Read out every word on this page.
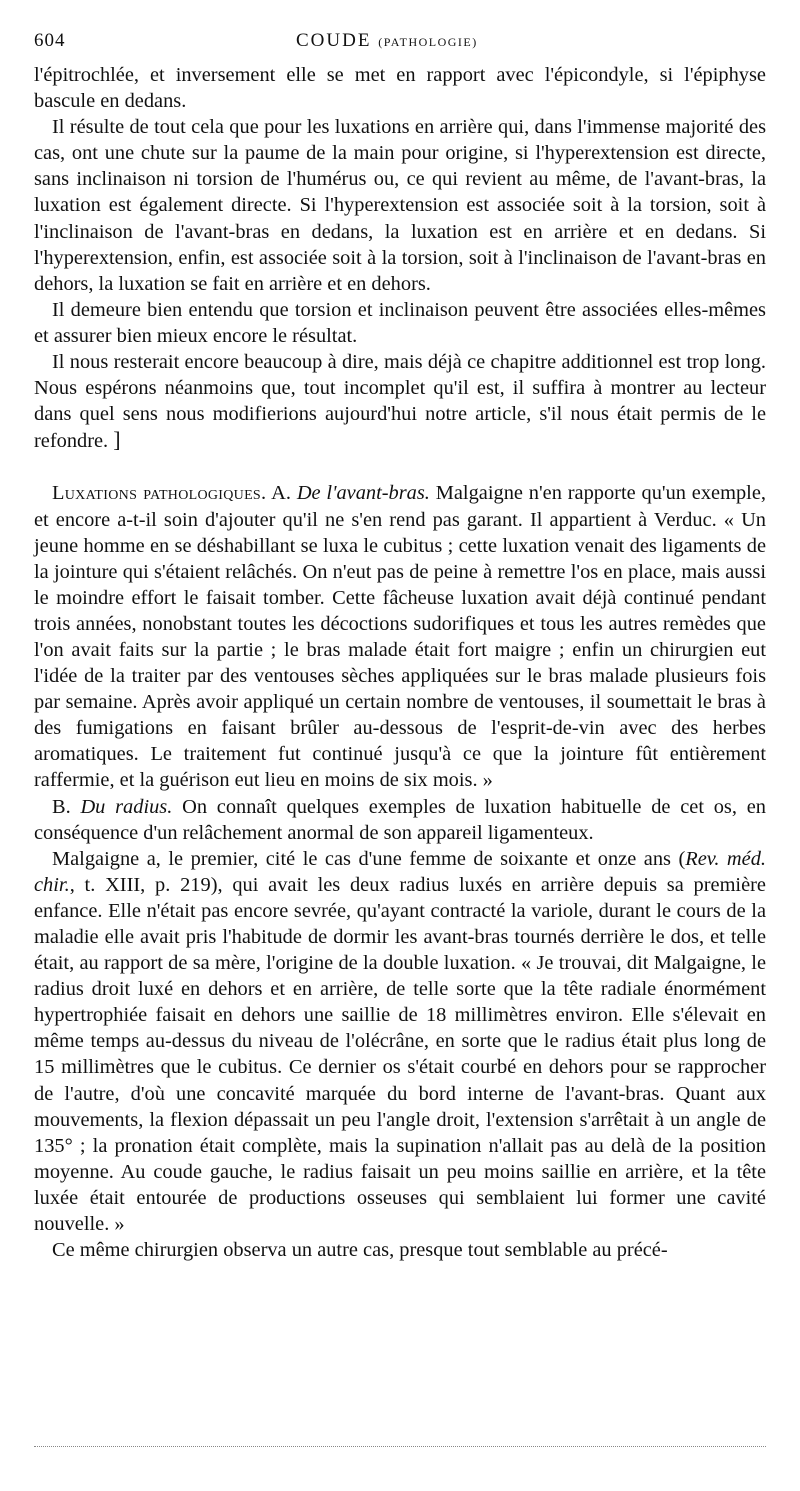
604	COUDE (PATHOLOGIE)

l'épitrochlée, et inversement elle se met en rapport avec l'épicondyle, si l'épiphyse bascule en dedans.

Il résulte de tout cela que pour les luxations en arrière qui, dans l'immense majorité des cas, ont une chute sur la paume de la main pour origine, si l'hyperextension est directe, sans inclinaison ni torsion de l'humérus ou, ce qui revient au même, de l'avant-bras, la luxation est également directe. Si l'hyperextension est associée soit à la torsion, soit à l'inclinaison de l'avant-bras en dedans, la luxation est en arrière et en dedans. Si l'hyperextension, enfin, est associée soit à la torsion, soit à l'inclinaison de l'avant-bras en dehors, la luxation se fait en arrière et en dehors.

Il demeure bien entendu que torsion et inclinaison peuvent être associées elles-mêmes et assurer bien mieux encore le résultat.

Il nous resterait encore beaucoup à dire, mais déjà ce chapitre additionnel est trop long. Nous espérons néanmoins que, tout incomplet qu'il est, il suffira à montrer au lecteur dans quel sens nous modifierions aujourd'hui notre article, s'il nous était permis de le refondre. ]

Luxations pathologiques. A. De l'avant-bras. Malgaigne n'en rapporte qu'un exemple, et encore a-t-il soin d'ajouter qu'il ne s'en rend pas garant. Il appartient à Verduc. « Un jeune homme en se déshabillant se luxa le cubitus ; cette luxation venait des ligaments de la jointure qui s'étaient relâchés. On n'eut pas de peine à remettre l'os en place, mais aussi le moindre effort le faisait tomber. Cette fâcheuse luxation avait déjà continué pendant trois années, nonobstant toutes les décoctions sudorifiques et tous les autres remèdes que l'on avait faits sur la partie ; le bras malade était fort maigre ; enfin un chirurgien eut l'idée de la traiter par des ventouses sèches appliquées sur le bras malade plusieurs fois par semaine. Après avoir appliqué un certain nombre de ventouses, il soumettait le bras à des fumigations en faisant brûler au-dessous de l'esprit-de-vin avec des herbes aromatiques. Le traitement fut continué jusqu'à ce que la jointure fût entièrement raffermie, et la guérison eut lieu en moins de six mois. »

B. Du radius. On connaît quelques exemples de luxation habituelle de cet os, en conséquence d'un relâchement anormal de son appareil ligamenteux.

Malgaigne a, le premier, cité le cas d'une femme de soixante et onze ans (Rev. méd. chir., t. XIII, p. 219), qui avait les deux radius luxés en arrière depuis sa première enfance. Elle n'était pas encore sevrée, qu'ayant contracté la variole, durant le cours de la maladie elle avait pris l'habitude de dormir les avant-bras tournés derrière le dos, et telle était, au rapport de sa mère, l'origine de la double luxation. « Je trouvai, dit Malgaigne, le radius droit luxé en dehors et en arrière, de telle sorte que la tête radiale énormément hypertrophiée faisait en dehors une saillie de 18 millimètres environ. Elle s'élevait en même temps au-dessus du niveau de l'olécrâne, en sorte que le radius était plus long de 15 millimètres que le cubitus. Ce dernier os s'était courbé en dehors pour se rapprocher de l'autre, d'où une concavité marquée du bord interne de l'avant-bras. Quant aux mouvements, la flexion dépassait un peu l'angle droit, l'extension s'arrêtait à un angle de 135° ; la pronation était complète, mais la supination n'allait pas au delà de la position moyenne. Au coude gauche, le radius faisait un peu moins saillie en arrière, et la tête luxée était entourée de productions osseuses qui semblaient lui former une cavité nouvelle. »

Ce même chirurgien observa un autre cas, presque tout semblable au précé-
